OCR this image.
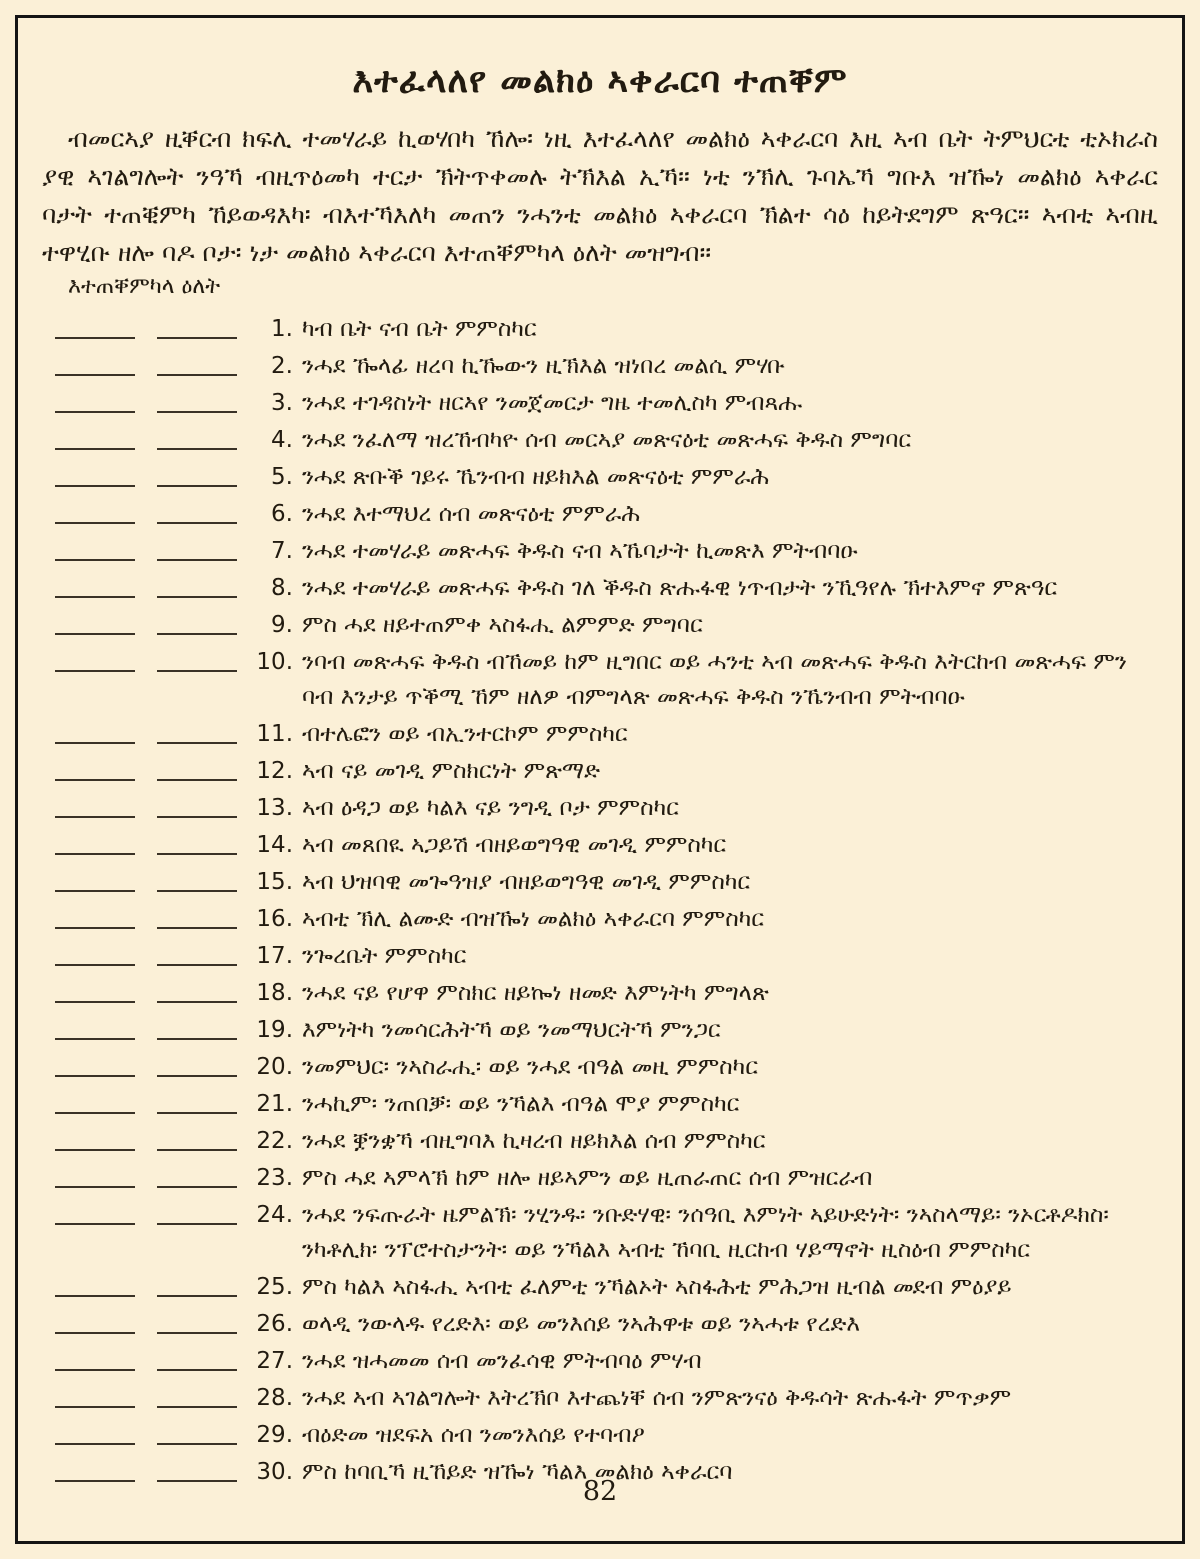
እተፈላለየ መልክዕ ኣቀራርባ ተጠቐም
ብመርኣያ ዚቐርብ ክፍሊ ተመሃራይ ኪወሃበካ ኸሎ፡ ነዚ እተፈላለየ መልክዕ ኣቀራርባ እዚ ኣብ ቤት ትምህርቲ ቲኦክራስ
ያዊ ኣገልግሎት ንዓኻ ብዚጥዕመካ ተርታ ኽትጥቀመሉ ትኽእል ኢኻ። ነቲ ንኽሊ ጉባኤኻ ግቡእ ዝዀነ መልክዕ ኣቀራር
ባታት ተጠቒምካ ኸይወዳእካ፡ ብእተኻእለካ መጠን ንሓንቲ መልክዕ ኣቀራርባ ኽልተ ሳዕ ከይትደግም ጽዓር። ኣብቲ ኣብዚ
ተዋሂቡ ዘሎ ባዶ ቦታ፡ ነታ መልክዕ ኣቀራርባ እተጠቐምካላ ዕለት መዝግብ።
እተጠቐምካላ ዕለት
1. ካብ ቤት ናብ ቤት ምምስካር
2. ንሓደ ዀላፊ ዘረባ ኪዀውን ዚኽእል ዝነበረ መልሲ ምሃቡ
3. ንሓደ ተገዳስነት ዘርኣየ ንመጀመርታ ግዜ ተመሊስካ ምብጻሑ
4. ንሓደ ንፈለማ ዝረኸብካዮ ሰብ መርኣያ መጽናዕቲ መጽሓፍ ቅዱስ ምግባር
5. ንሓደ ጽቡቕ ገይሩ ኼንብብ ዘይክእል መጽናዕቲ ምምራሕ
6. ንሓደ እተማህረ ሰብ መጽናዕቲ ምምራሕ
7. ንሓደ ተመሃራይ መጽሓፍ ቅዱስ ናብ ኣኼባታት ኪመጽእ ምትብባዑ
8. ንሓደ ተመሃራይ መጽሓፍ ቅዱስ ገለ ቕዱስ ጽሑፋዊ ነጥብታት ንኺዓየሉ ኽተእምኖ ምጽዓር
9. ምስ ሓደ ዘይተጠምቀ ኣስፋሒ ልምምድ ምግባር
10. ንባብ መጽሓፍ ቅዱስ ብኸመይ ከም ዚግበር ወይ ሓንቲ ኣብ መጽሓፍ ቅዱስ እትርከብ መጽሓፍ ምን
ባብ እንታይ ጥቕሚ ኸም ዘለዎ ብምግላጽ መጽሓፍ ቅዱስ ንኼንብብ ምትብባዑ
11. ብተሌፎን ወይ ብኢንተርኮም ምምስካር
12. ኣብ ናይ መገዲ ምስክርነት ምጽማድ
13. ኣብ ዕዳጋ ወይ ካልእ ናይ ንግዲ ቦታ ምምስካር
14. ኣብ መጸበዪ ኣጋይሽ ብዘይወግዓዊ መገዲ ምምስካር
15. ኣብ ህዝባዊ መጐዓዝያ ብዘይወግዓዊ መገዲ ምምስካር
16. ኣብቲ ኽሊ ልሙድ ብዝዀነ መልክዕ ኣቀራርባ ምምስካር
17. ንጐረቤት ምምስካር
18. ንሓደ ናይ የሆዋ ምስክር ዘይኰነ ዘመድ እምነትካ ምግላጽ
19. እምነትካ ንመሳርሕትኻ ወይ ንመማህርትኻ ምንጋር
20. ንመምህር፡ ንኣስራሒ፡ ወይ ንሓደ ብዓል መዚ ምምስካር
21. ንሓኪም፡ ንጠበቓ፡ ወይ ንኻልእ ብዓል ሞያ ምምስካር
22. ንሓደ ቛንቋኻ ብዚግባእ ኪዛረብ ዘይክእል ሰብ ምምስካር
23. ምስ ሓደ ኣምላኽ ከም ዘሎ ዘይኣምን ወይ ዚጠራጠር ሰብ ምዝርራብ
24. ንሓደ ንፍጡራት ዜምልኽ፡ ንሂንዱ፡ ንቡድሃዊ፡ ንሰዓቢ እምነት ኣይሁድነት፡ ንኣስላማይ፡ ንኦርቶዶክስ፡
ንካቶሊክ፡ ንፕሮተስታንት፡ ወይ ንኻልእ ኣብቲ ኸባቢ ዚርከብ ሃይማኖት ዚስዕብ ምምስካር
25. ምስ ካልእ ኣስፋሒ ኣብቲ ፈለምቲ ንኻልኦት ኣስፋሕቲ ምሕጋዝ ዚብል መደብ ምዕያይ
26. ወላዲ ንውላዱ የረድእ፡ ወይ መንእሰይ ንኣሕዋቱ ወይ ንኣሓቱ የረድእ
27. ንሓደ ዝሓመመ ሰብ መንፈሳዊ ምትብባዕ ምሃብ
28. ንሓደ ኣብ ኣገልግሎት እትረኽቦ እተጨነቐ ሰብ ንምጽንናዕ ቅዱሳት ጽሑፋት ምጥቃም
29. ብዕድመ ዝደፍአ ሰብ ንመንእሰይ የተባብዖ
30. ምስ ከባቢኻ ዚኸይድ ዝዀነ ኻልእ መልክዕ ኣቀራርባ
82
